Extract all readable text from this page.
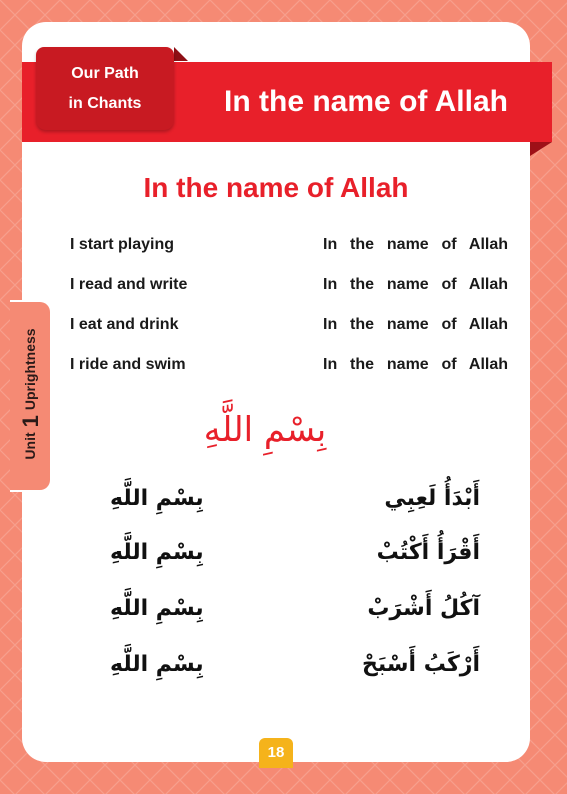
In the name of Allah
Our Path
in Chants
Unit1Uprightness
In the name of Allah
I start playing	In the name of Allah
I read and write	In the name of Allah
I eat and drink	In the name of Allah
I ride and swim	In the name of Allah
بِسْمِ اللَّهِ
بِسْمِ اللَّهِ	أَبْدَأُ لَعِبِي
بِسْمِ اللَّهِ	أَقْرَأُ أَكْتُبْ
بِسْمِ اللَّهِ	آكُلُ أَشْرَبْ
بِسْمِ اللَّهِ	أَرْكَبُ أَسْبَحْ
18
